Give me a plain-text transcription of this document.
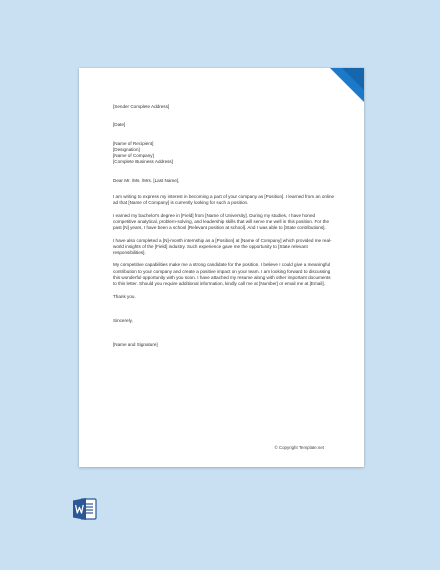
[Sender Complete Address]

[Date]

[Name of Recipient]

[Designation]

[Name of Company]

[Complete Business Address]

Dear Mr. /Ms. /Mrs. [Last Name],

I am writing to express my interest in becoming a part of your company as [Position]. I learned from an online ad that [Name of Company] is currently looking for such a position.

I earned my bachelor's degree in [Field] from [Name of University]. During my studies, I have honed competitive analytical, problem-solving, and leadership skills that will serve me well in this position. For the past [N] years, I have been a school [Relevant position at school]. And I was able to [State contributions].

I have also completed a [N]-month internship as a [Position] at [Name of Company] which provided me real-world insights of the [Field] industry. Such experience gave me the opportunity to [State relevant responsibilities].

My competitive capabilities make me a strong candidate for the position. I believe I could give a meaningful contribution to your company and create a positive impact on your team. I am looking forward to discussing this wonderful opportunity with you soon. I have attached my resume along with other important documents to this letter. Should you require additional information, kindly call me at [Number] or email me at [Email].

Thank you.

Sincerely,

[Name and Signature]

© Copyright Template.net
